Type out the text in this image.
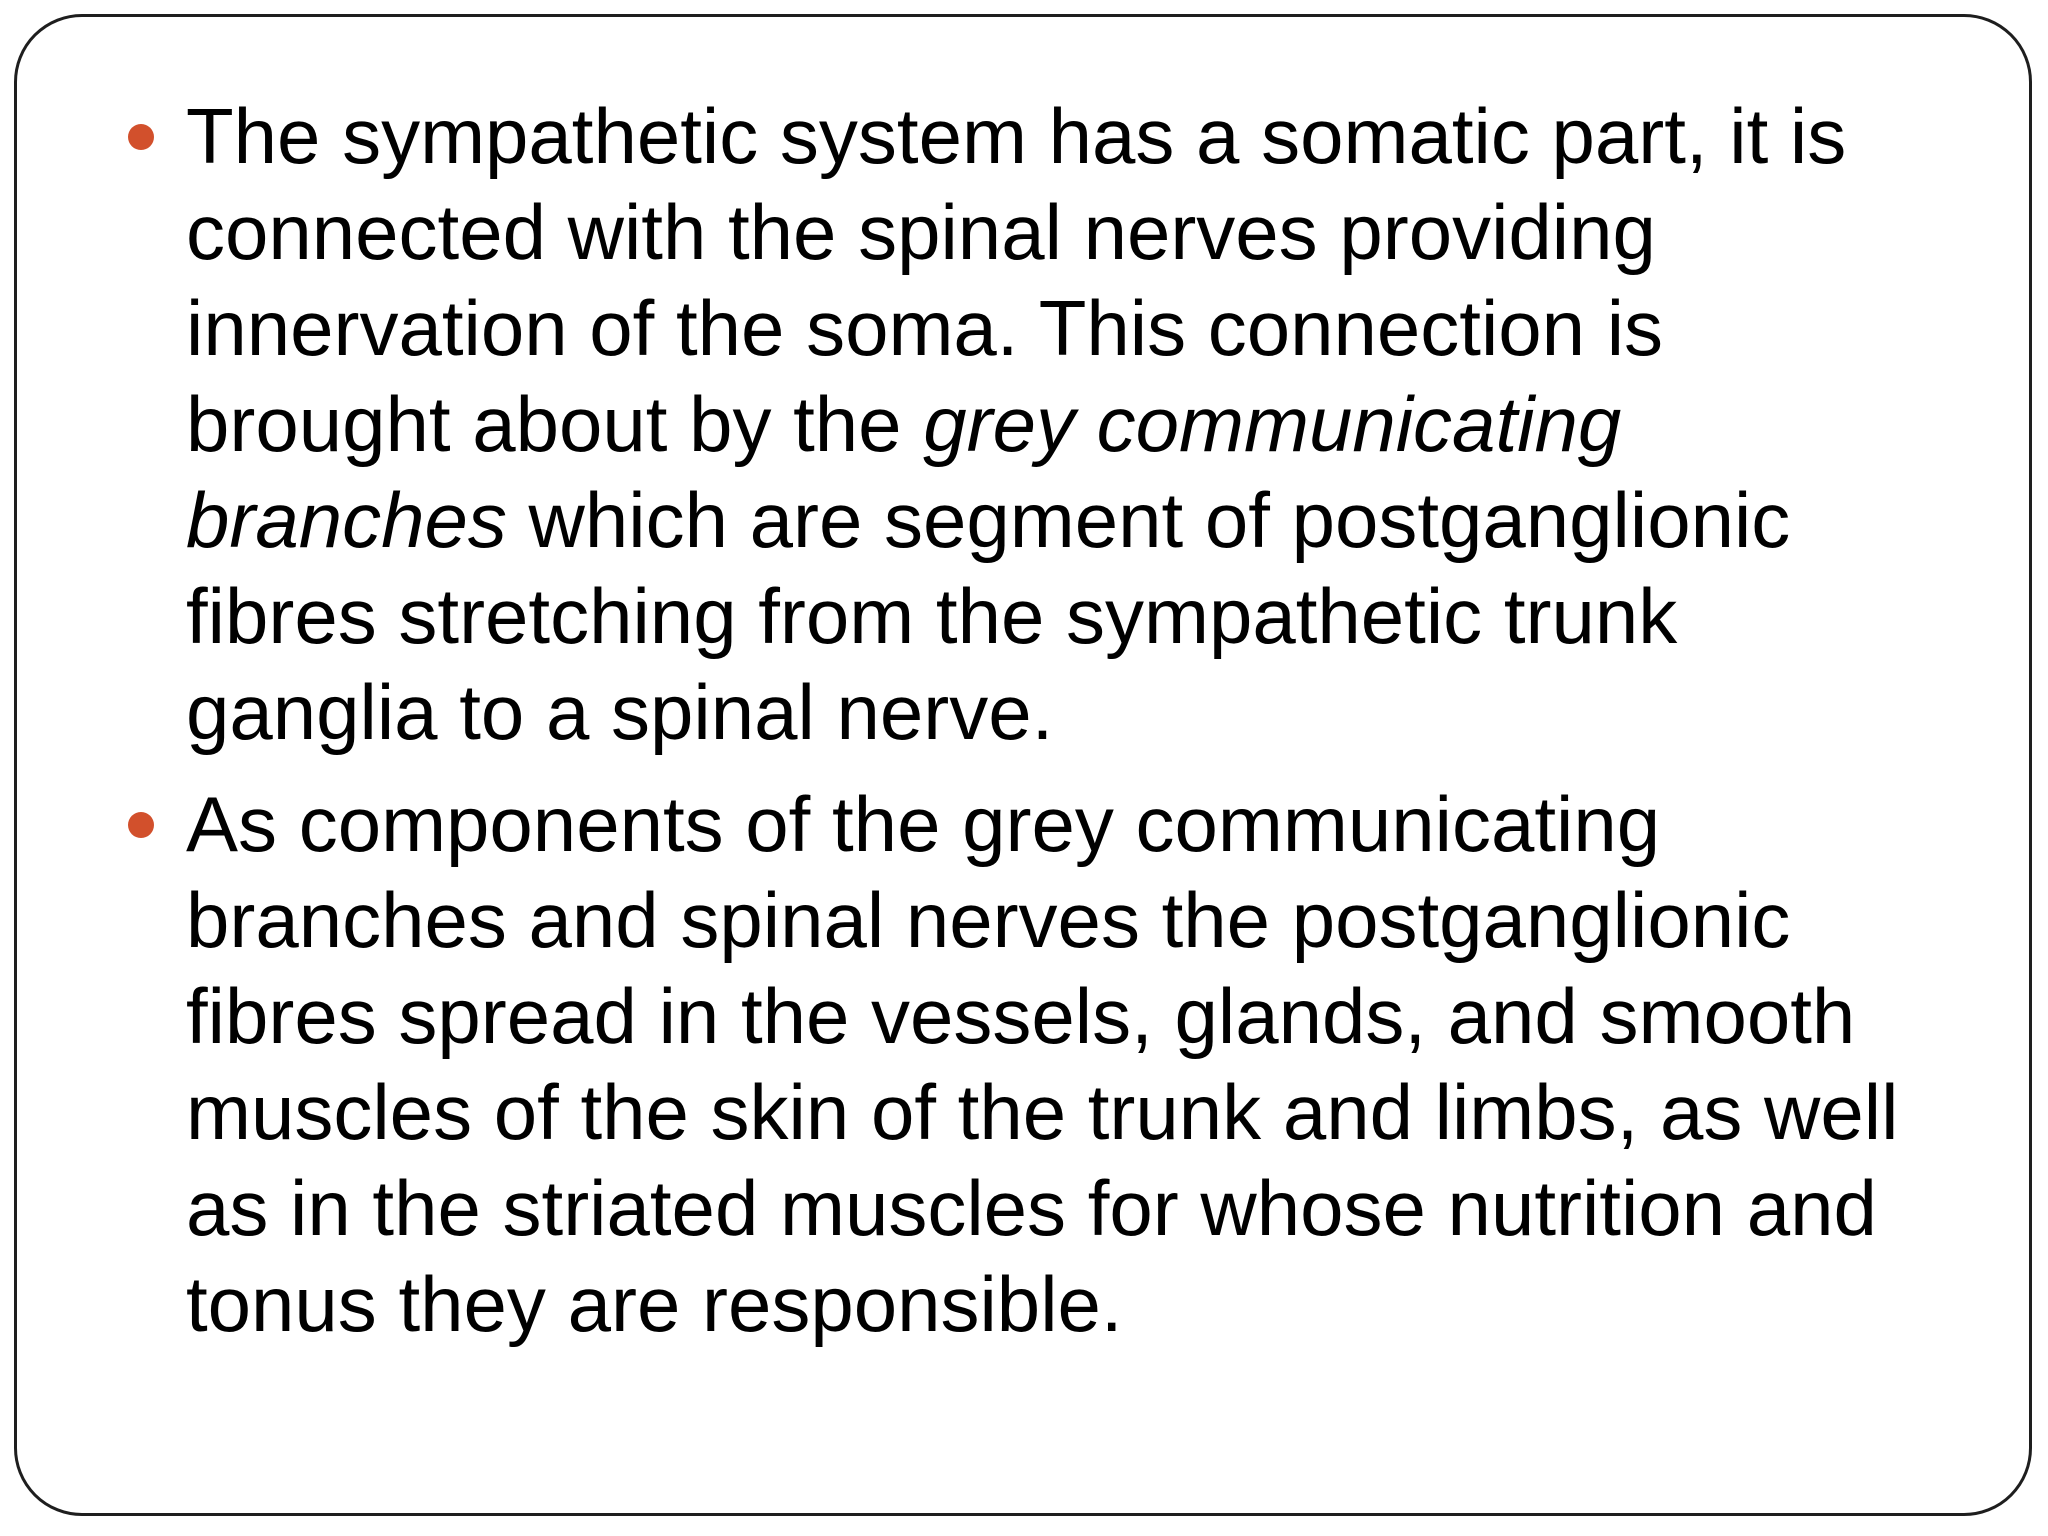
The sympathetic system has a somatic part, it is connected with the spinal nerves providing innervation of the soma. This connection is brought about by the grey communicating branches which are segment of postganglionic fibres stretching from the sympathetic trunk ganglia to a spinal nerve.
As components of the grey communicating branches and spinal nerves the postganglionic fibres spread in the vessels, glands, and smooth muscles of the skin of the trunk and limbs, as well as in the striated muscles for whose nutrition and tonus they are responsible.
